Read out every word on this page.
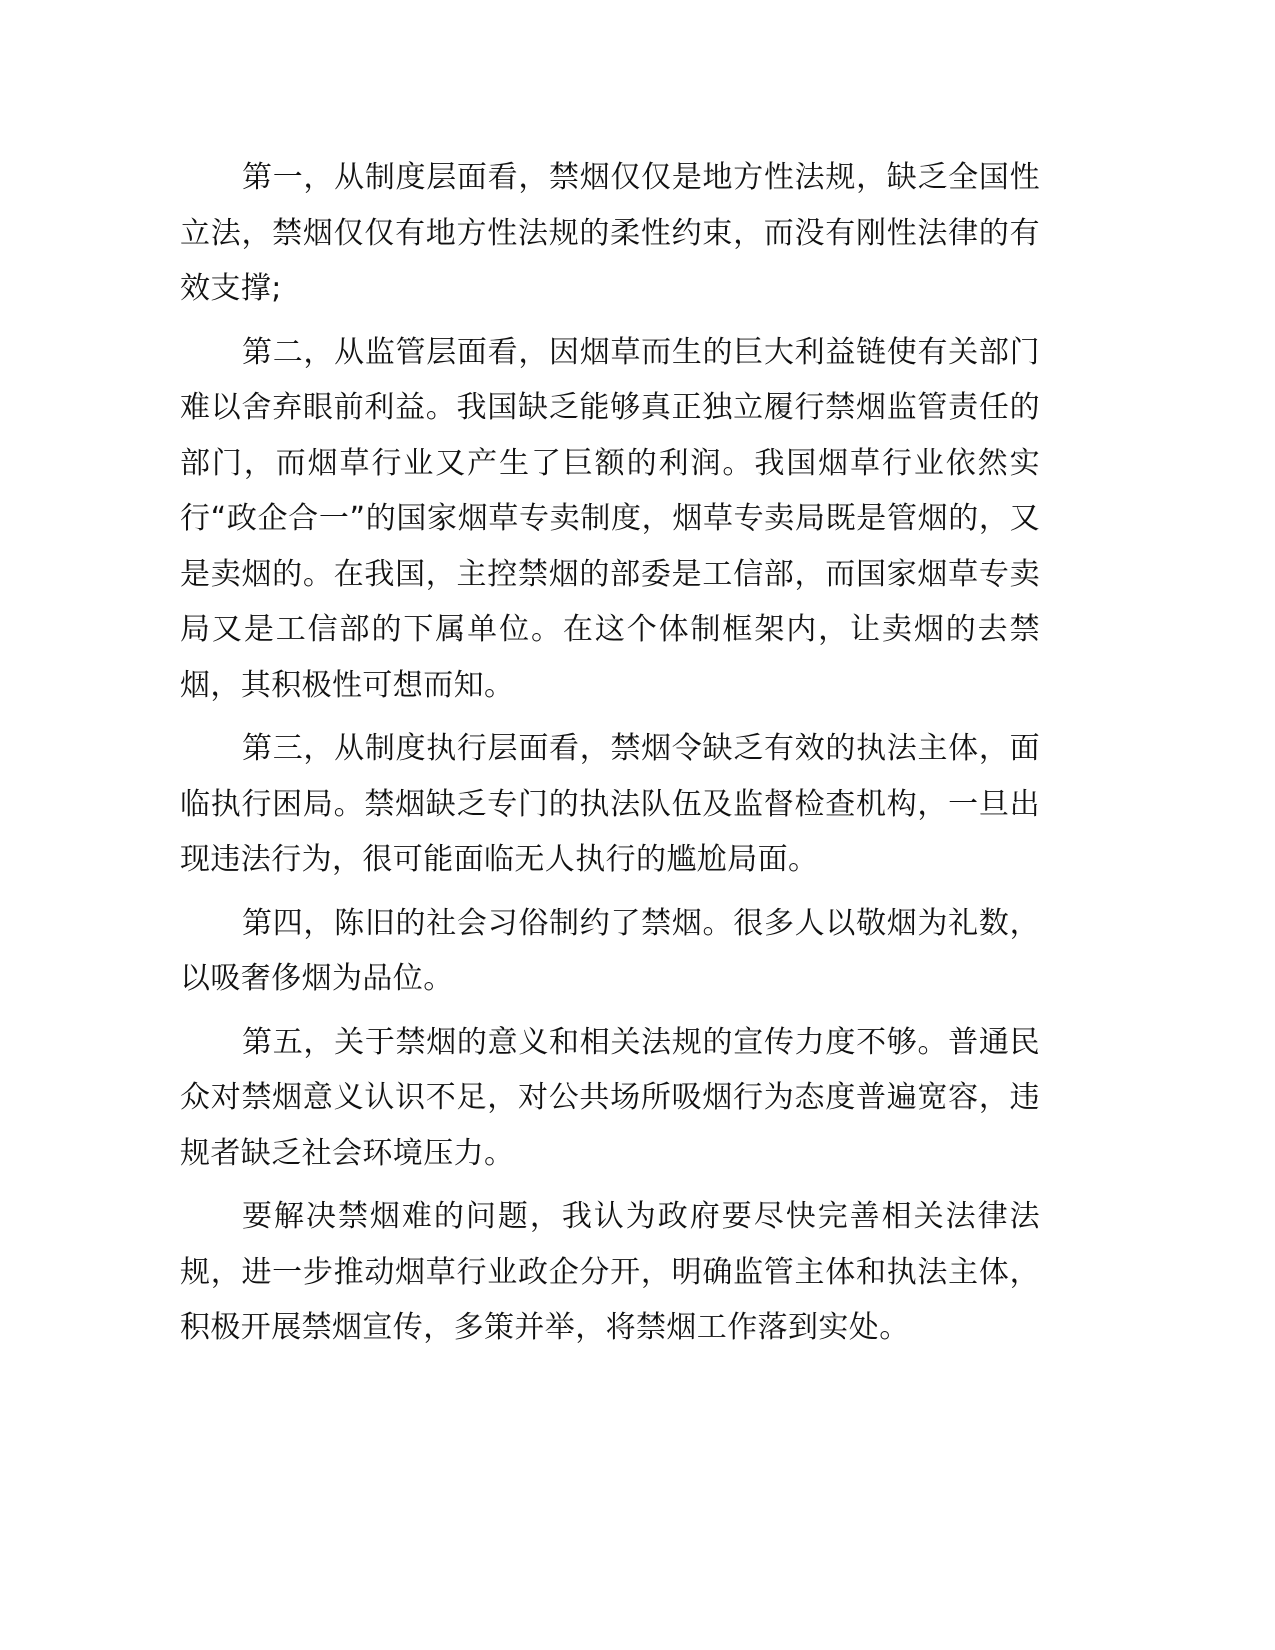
第一，从制度层面看，禁烟仅仅是地方性法规，缺乏全国性立法，禁烟仅仅有地方性法规的柔性约束，而没有刚性法律的有效支撑;

第二，从监管层面看，因烟草而生的巨大利益链使有关部门难以舍弃眼前利益。我国缺乏能够真正独立履行禁烟监管责任的部门，而烟草行业又产生了巨额的利润。我国烟草行业依然实行“政企合一”的国家烟草专卖制度，烟草专卖局既是管烟的，又是卖烟的。在我国，主控禁烟的部委是工信部，而国家烟草专卖局又是工信部的下属单位。在这个体制框架内，让卖烟的去禁烟，其积极性可想而知。

第三，从制度执行层面看，禁烟令缺乏有效的执法主体，面临执行困局。禁烟缺乏专门的执法队伍及监督检查机构，一旦出现违法行为，很可能面临无人执行的尴尬局面。

第四，陈旧的社会习俗制约了禁烟。很多人以敬烟为礼数，以吸奢侈烟为品位。

第五，关于禁烟的意义和相关法规的宣传力度不够。普通民众对禁烟意义认识不足，对公共场所吸烟行为态度普遍宽容，违规者缺乏社会环境压力。

要解决禁烟难的问题，我认为政府要尽快完善相关法律法规，进一步推动烟草行业政企分开，明确监管主体和执法主体，积极开展禁烟宣传，多策并举，将禁烟工作落到实处。
